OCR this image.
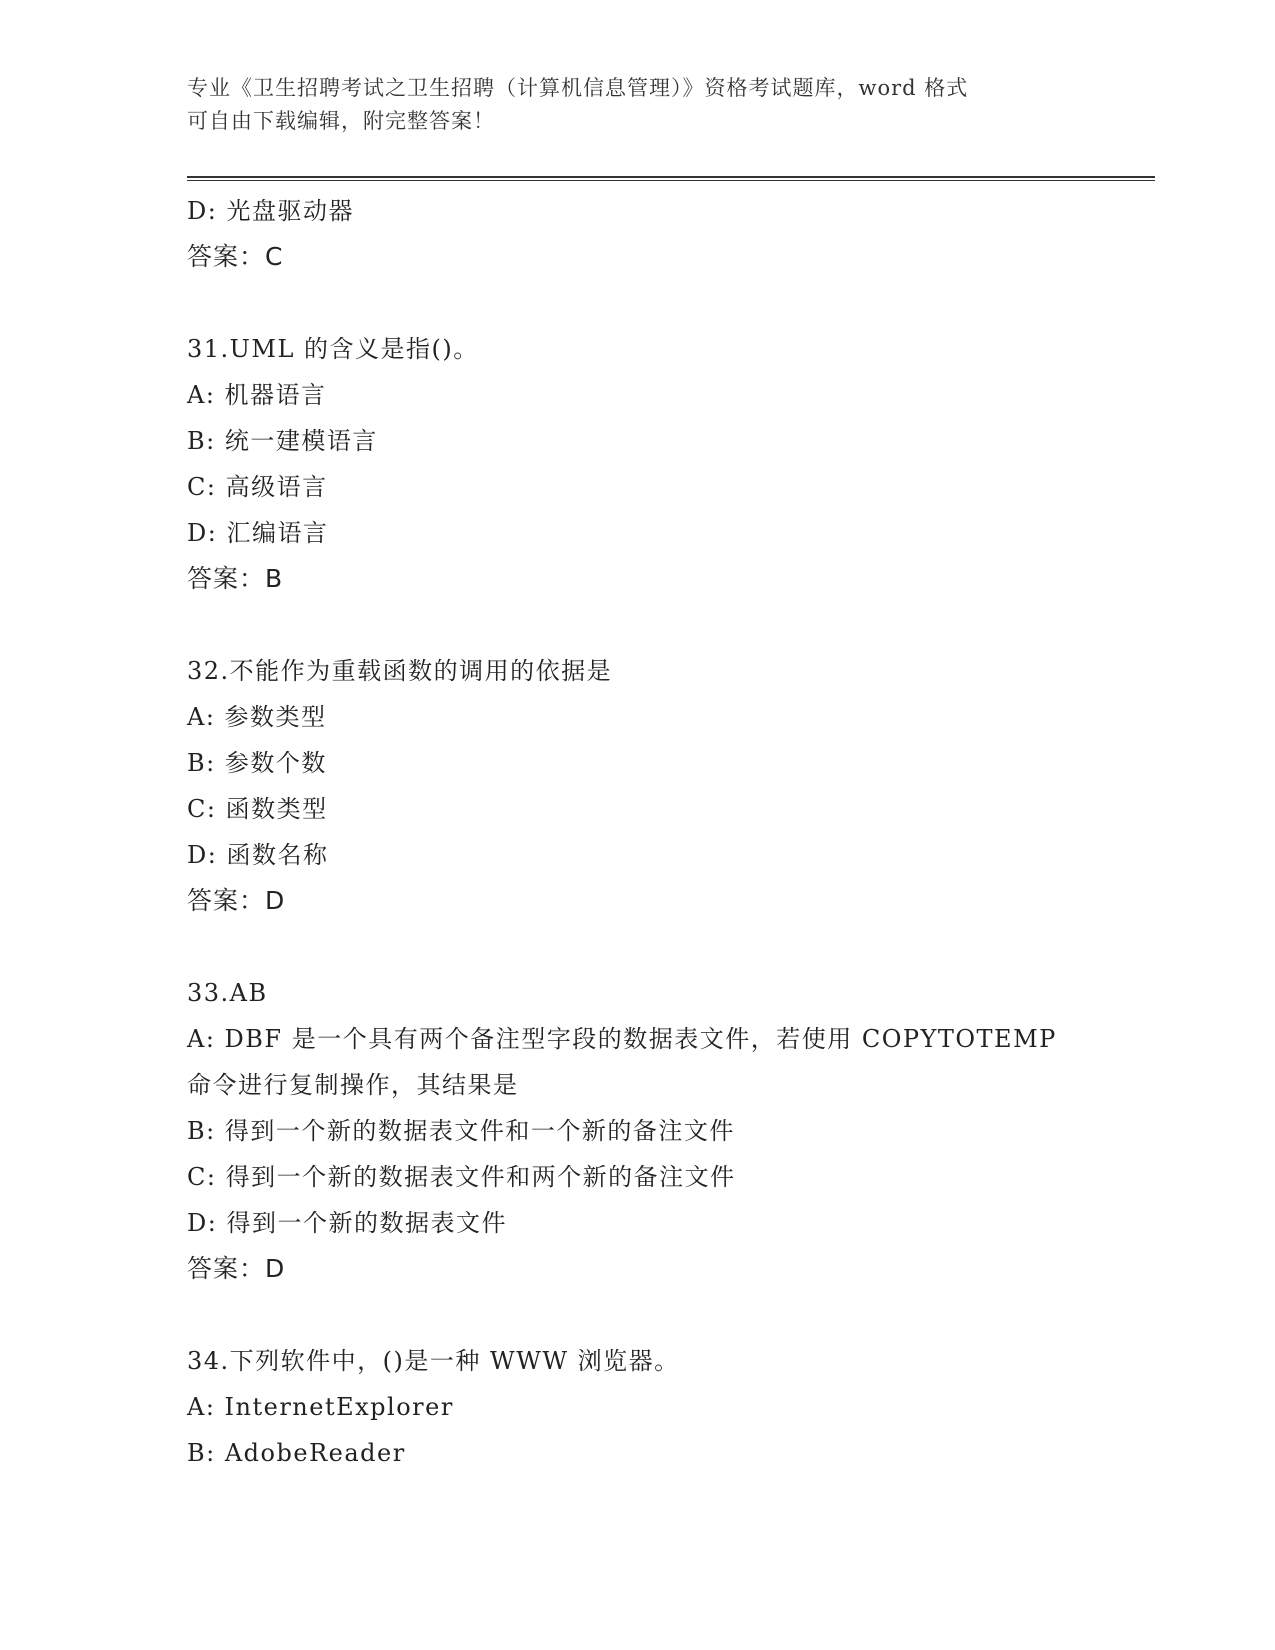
专业《卫生招聘考试之卫生招聘（计算机信息管理）》资格考试题库，word 格式
可自由下载编辑，附完整答案！
D: 光盘驱动器
答案：C
31.UML 的含义是指()。
A: 机器语言
B: 统一建模语言
C: 高级语言
D: 汇编语言
答案：B
32.不能作为重载函数的调用的依据是
A: 参数类型
B: 参数个数
C: 函数类型
D: 函数名称
答案：D
33.AB
A: DBF 是一个具有两个备注型字段的数据表文件，若使用 COPYTOTEMP
命令进行复制操作，其结果是
B: 得到一个新的数据表文件和一个新的备注文件
C: 得到一个新的数据表文件和两个新的备注文件
D: 得到一个新的数据表文件
答案：D
34.下列软件中，()是一种 WWW 浏览器。
A: InternetExplorer
B: AdobeReader
